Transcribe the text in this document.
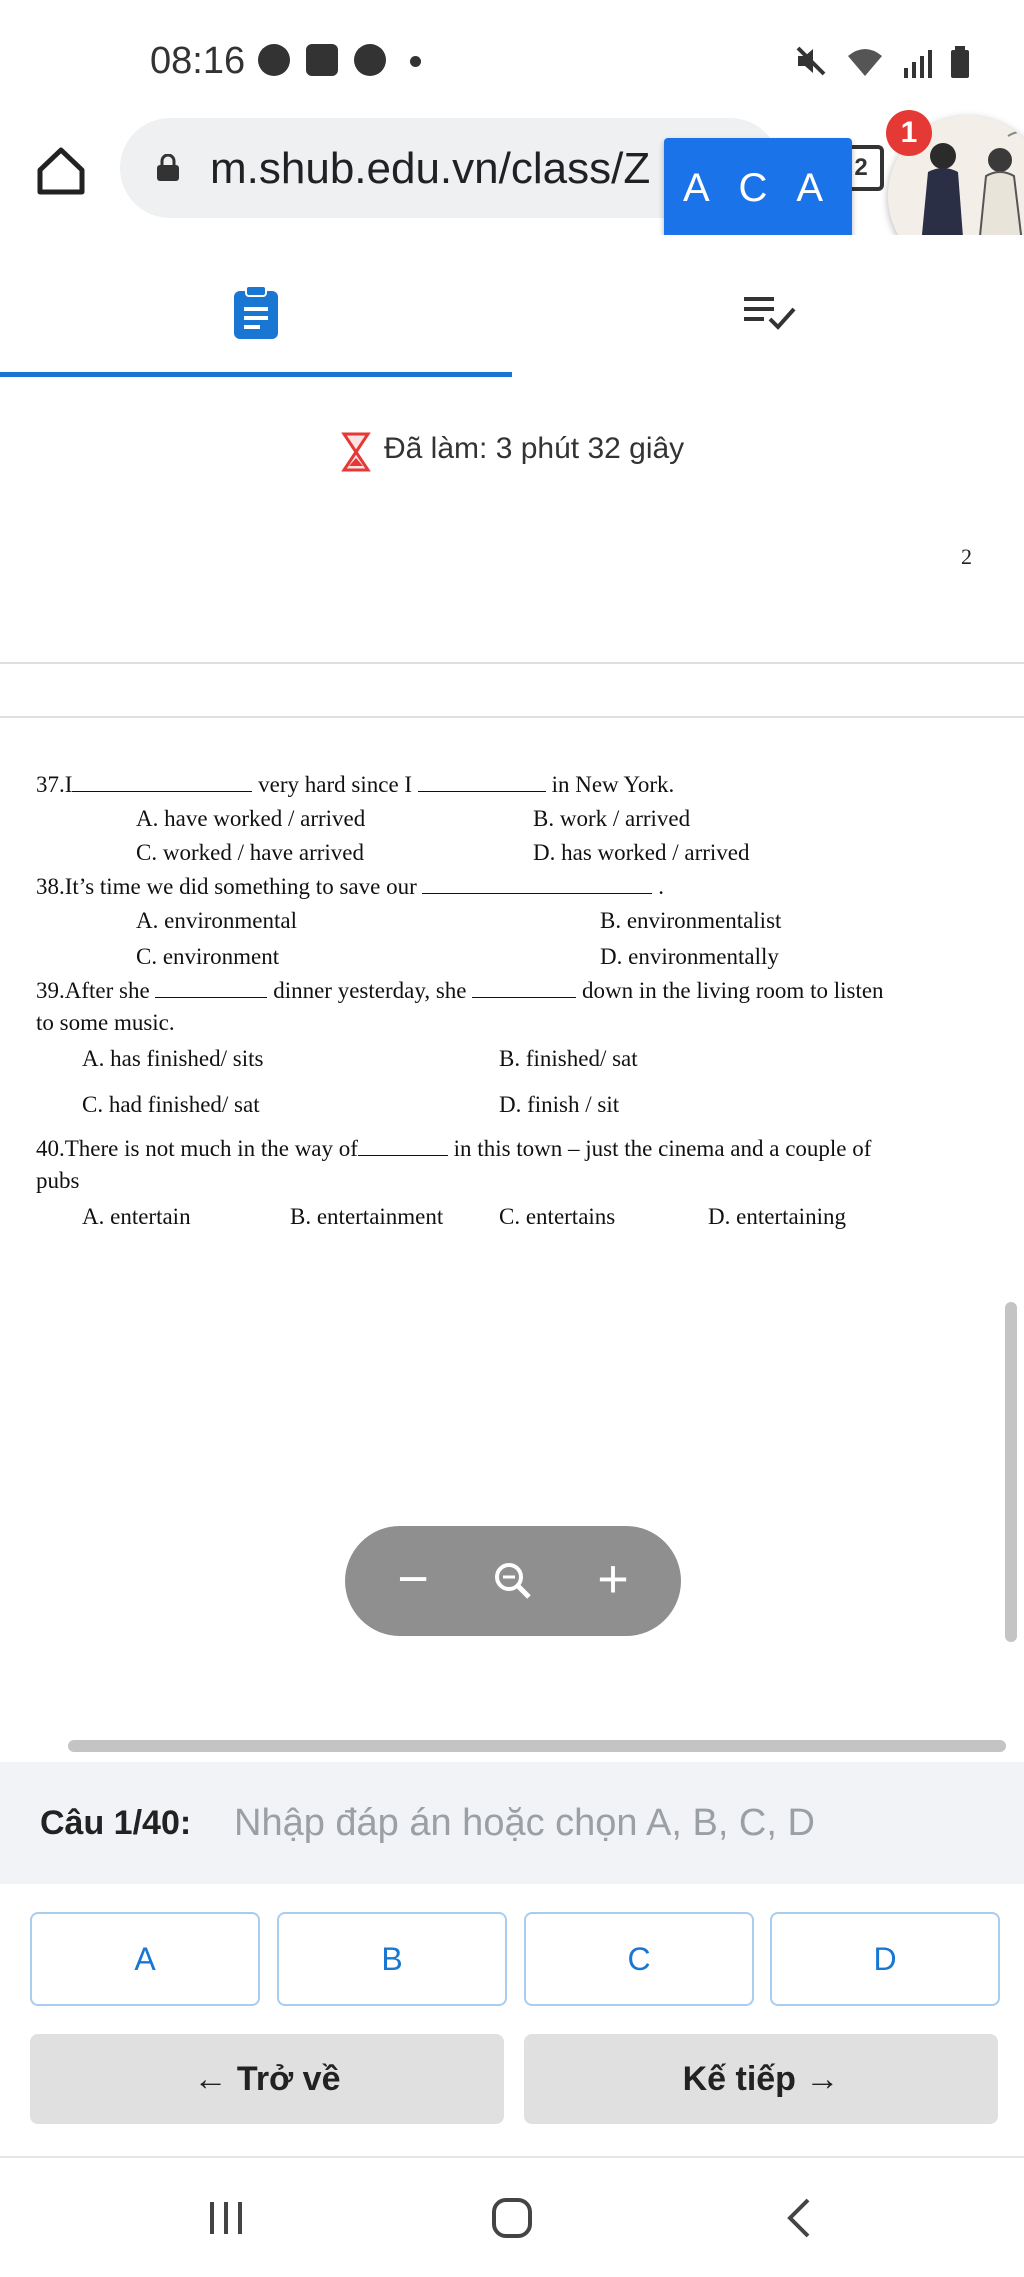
08:16
m.shub.edu.vn/class/Z	2
A C A
1
Đã làm: 3 phút 32 giây
2
37.I	very hard since I	in New York.
A. have worked / arrived	B. work / arrived
C. worked / have arrived	D. has worked / arrived
38.It’s time we did something to save our	.
A. environmental	B. environmentalist
C. environment	D. environmentally
39.After she	dinner yesterday, she	down in the living room to listen
to some music.
A. has finished/ sits	B. finished/ sat
C. had finished/ sat	D. finish / sit
40.There is not much in the way of	in this town – just the cinema and a couple of
pubs
A. entertain	B. entertainment C. entertains	D. entertaining
−	+
Câu 1/40:
Nhập đáp án hoặc chọn A, B, C, D
A	B	C	D
← Trở về	Kế tiếp →
